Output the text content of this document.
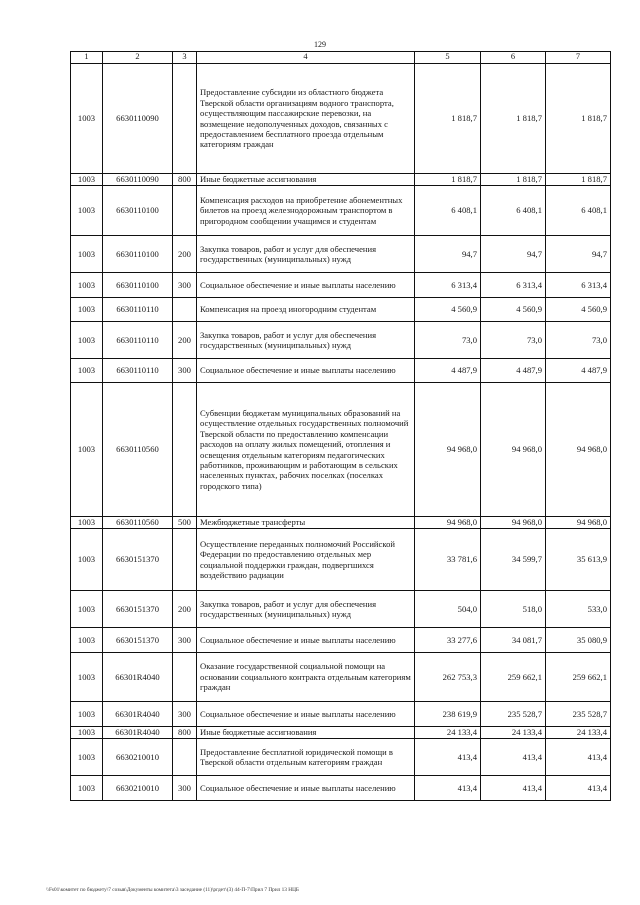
129
1	2	3	4	5	6	7
1003	6630110090		Предоставление субсидии из областного бюджета Тверской области организациям водного транспорта, осуществляющим пассажирские перевозки, на возмещение недополученных доходов, связанных с предоставлением бесплатного проезда отдельным категориям граждан	1 818,7	1 818,7	1 818,7
1003	6630110090	800	Иные бюджетные ассигнования	1 818,7	1 818,7	1 818,7
1003	6630110100		Компенсация расходов на приобретение абонементных билетов на проезд железнодорожным транспортом в пригородном сообщении учащимся и студентам	6 408,1	6 408,1	6 408,1
1003	6630110100	200	Закупка товаров, работ и услуг для обеспечения государственных (муниципальных) нужд	94,7	94,7	94,7
1003	6630110100	300	Социальное обеспечение и иные выплаты населению	6 313,4	6 313,4	6 313,4
1003	6630110110		Компенсация на проезд иногородним студентам	4 560,9	4 560,9	4 560,9
1003	6630110110	200	Закупка товаров, работ и услуг для обеспечения государственных (муниципальных) нужд	73,0	73,0	73,0
1003	6630110110	300	Социальное обеспечение и иные выплаты населению	4 487,9	4 487,9	4 487,9
1003	6630110560		Субвенции бюджетам муниципальных образований на осуществление отдельных государственных полномочий Тверской области по предоставлению компенсации расходов на оплату жилых помещений, отопления и освещения отдельным категориям педагогических работников, проживающим и работающим в сельских населенных пунктах, рабочих поселках (поселках городского типа)	94 968,0	94 968,0	94 968,0
1003	6630110560	500	Межбюджетные трансферты	94 968,0	94 968,0	94 968,0
1003	6630151370		Осуществление переданных полномочий Российской Федерации по предоставлению отдельных мер социальной поддержки граждан, подвергшихся воздействию радиации	33 781,6	34 599,7	35 613,9
1003	6630151370	200	Закупка товаров, работ и услуг для обеспечения государственных (муниципальных) нужд	504,0	518,0	533,0
1003	6630151370	300	Социальное обеспечение и иные выплаты населению	33 277,6	34 081,7	35 080,9
1003	66301R4040		Оказание государственной социальной помощи на основании социального контракта отдельным категориям граждан	262 753,3	259 662,1	259 662,1
1003	66301R4040	300	Социальное обеспечение и иные выплаты населению	238 619,9	235 528,7	235 528,7
1003	66301R4040	800	Иные бюджетные ассигнования	24 133,4	24 133,4	24 133,4
1003	6630210010		Предоставление бесплатной юридической помощи в Тверской области отдельным категориям граждан	413,4	413,4	413,4
1003	6630210010	300	Социальное обеспечение и иные выплаты населению	413,4	413,4	413,4
\\Fs01\комитет по бюджету\7 созыв\Документы комитета\3 заседание (11)\ргдет\(3) 44-П-7\Прил 7 Прил 13 НЦБ
